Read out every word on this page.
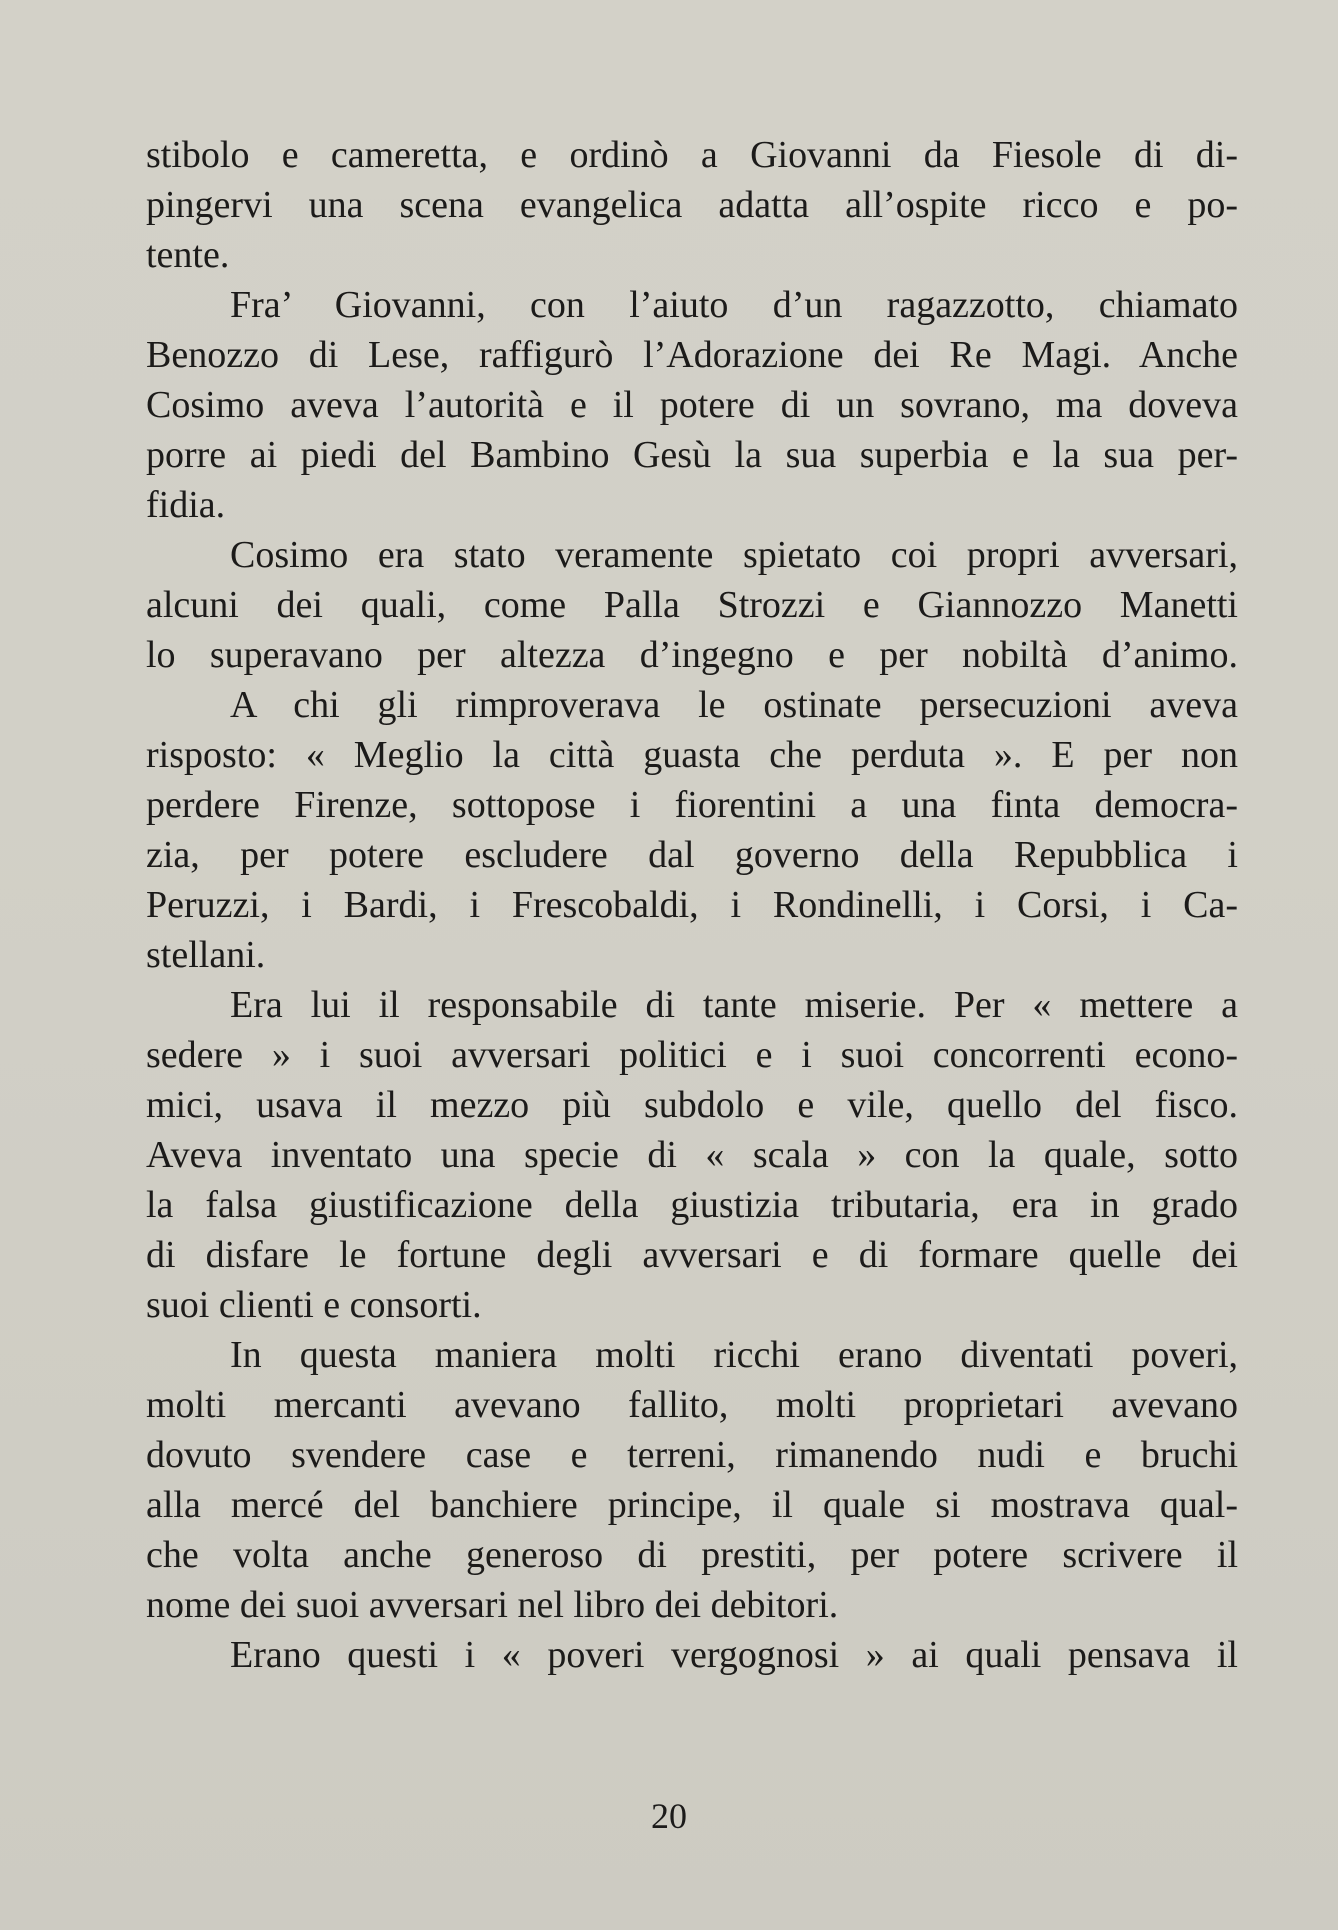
stibolo e cameretta, e ordinò a Giovanni da Fiesole di di-
pingervi una scena evangelica adatta all’ospite ricco e po-
tente.
Fra’ Giovanni, con l’aiuto d’un ragazzotto, chiamato
Benozzo di Lese, raffigurò l’Adorazione dei Re Magi. Anche
Cosimo aveva l’autorità e il potere di un sovrano, ma doveva
porre ai piedi del Bambino Gesù la sua superbia e la sua per-
fidia.
Cosimo era stato veramente spietato coi propri avversari,
alcuni dei quali, come Palla Strozzi e Giannozzo Manetti
lo superavano per altezza d’ingegno e per nobiltà d’animo.
A chi gli rimproverava le ostinate persecuzioni aveva
risposto: « Meglio la città guasta che perduta ». E per non
perdere Firenze, sottopose i fiorentini a una finta democra-
zia, per potere escludere dal governo della Repubblica i
Peruzzi, i Bardi, i Frescobaldi, i Rondinelli, i Corsi, i Ca-
stellani.
Era lui il responsabile di tante miserie. Per « mettere a
sedere » i suoi avversari politici e i suoi concorrenti econo-
mici, usava il mezzo più subdolo e vile, quello del fisco.
Aveva inventato una specie di « scala » con la quale, sotto
la falsa giustificazione della giustizia tributaria, era in grado
di disfare le fortune degli avversari e di formare quelle dei
suoi clienti e consorti.
In questa maniera molti ricchi erano diventati poveri,
molti mercanti avevano fallito, molti proprietari avevano
dovuto svendere case e terreni, rimanendo nudi e bruchi
alla mercé del banchiere principe, il quale si mostrava qual-
che volta anche generoso di prestiti, per potere scrivere il
nome dei suoi avversari nel libro dei debitori.
Erano questi i « poveri vergognosi » ai quali pensava il
20
